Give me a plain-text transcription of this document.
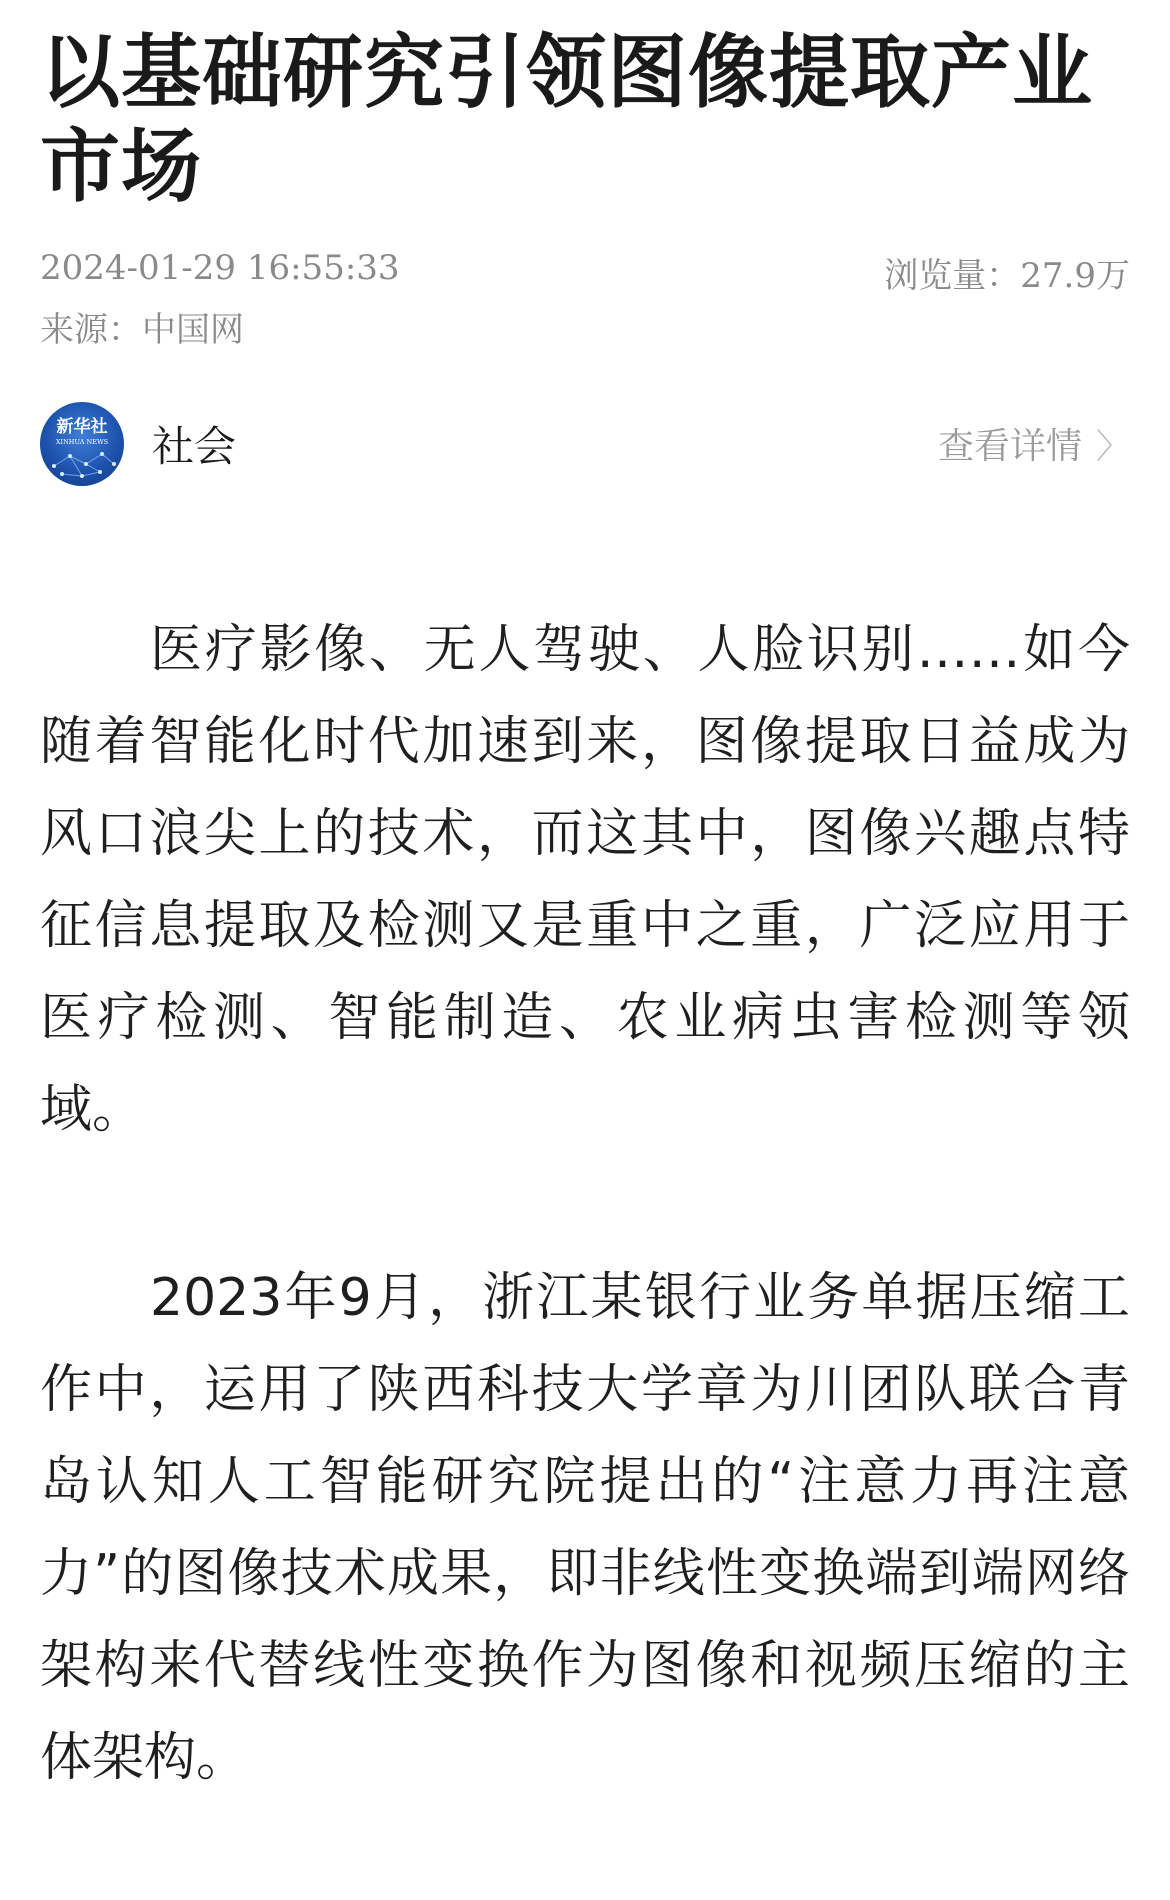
以基础研究引领图像提取产业市场
2024-01-29 16:55:33	浏览量：27.9万
来源：中国网
新华社
XINHUA NEWS 社会	查看详情 〉

医疗影像、无人驾驶、人脸识别……如今随着智能化时代加速到来，图像提取日益成为风口浪尖上的技术，而这其中，图像兴趣点特征信息提取及检测又是重中之重，广泛应用于医疗检测、智能制造、农业病虫害检测等领域。

2023年9月，浙江某银行业务单据压缩工作中，运用了陕西科技大学章为川团队联合青岛认知人工智能研究院提出的“注意力再注意力”的图像技术成果，即非线性变换端到端网络架构来代替线性变换作为图像和视频压缩的主体架构。
